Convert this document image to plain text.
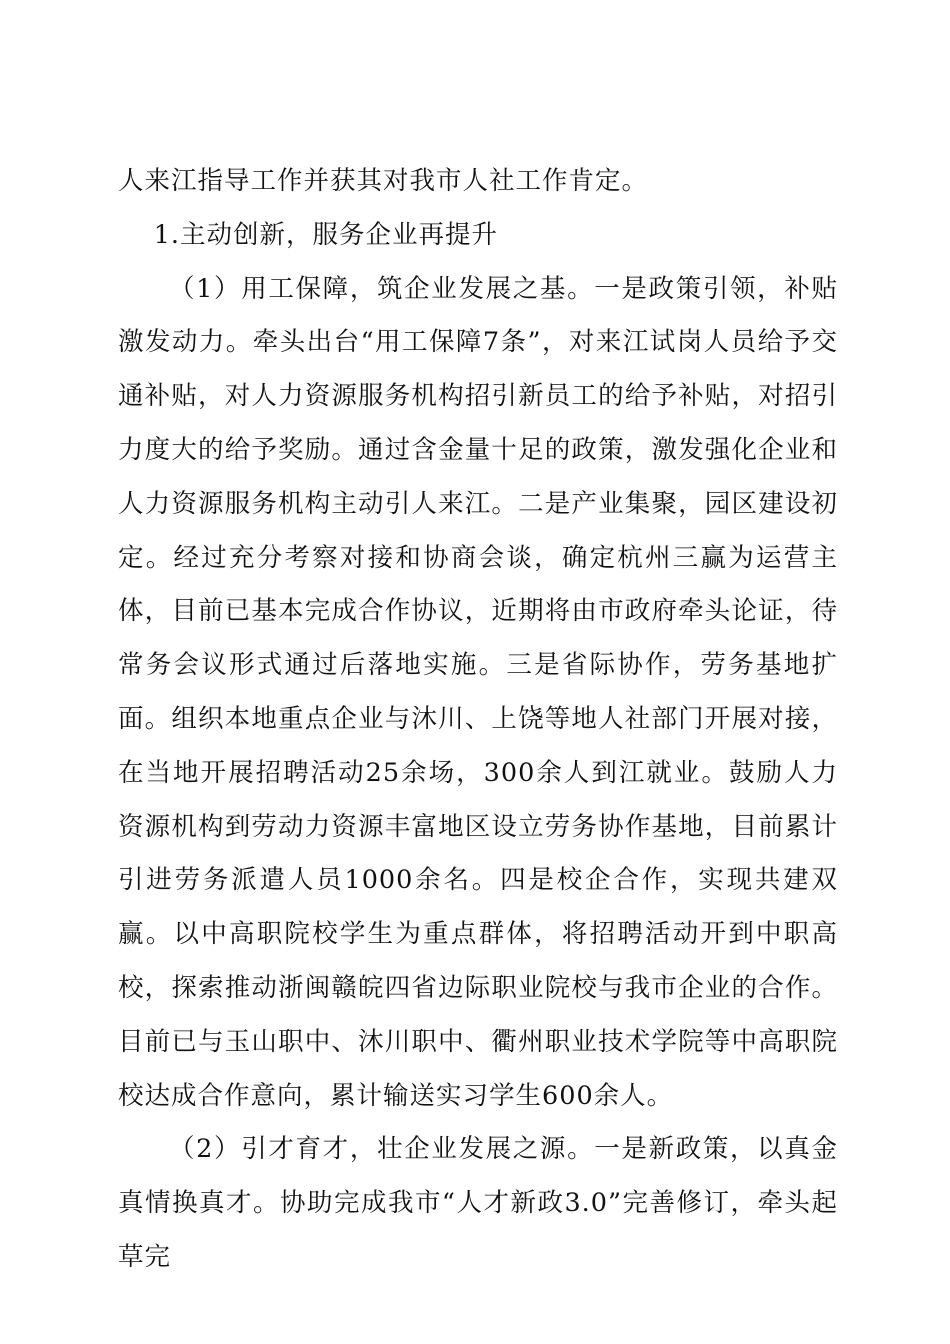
人来江指导工作并获其对我市人社工作肯定。

1.主动创新，服务企业再提升

（1）用工保障，筑企业发展之基。一是政策引领，补贴激发动力。牵头出台“用工保障7条”，对来江试岗人员给予交通补贴，对人力资源服务机构招引新员工的给予补贴，对招引力度大的给予奖励。通过含金量十足的政策，激发强化企业和人力资源服务机构主动引人来江。二是产业集聚，园区建设初定。经过充分考察对接和协商会谈，确定杭州三赢为运营主体，目前已基本完成合作协议，近期将由市政府牵头论证，待常务会议形式通过后落地实施。三是省际协作，劳务基地扩面。组织本地重点企业与沐川、上饶等地人社部门开展对接，在当地开展招聘活动25余场，300余人到江就业。鼓励人力资源机构到劳动力资源丰富地区设立劳务协作基地，目前累计引进劳务派遣人员1000余名。四是校企合作，实现共建双赢。以中高职院校学生为重点群体，将招聘活动开到中职高校，探索推动浙闽赣皖四省边际职业院校与我市企业的合作。目前已与玉山职中、沐川职中、衢州职业技术学院等中高职院校达成合作意向，累计输送实习学生600余人。

（2）引才育才，壮企业发展之源。一是新政策，以真金真情换真才。协助完成我市“人才新政3.0”完善修订，牵头起草完
